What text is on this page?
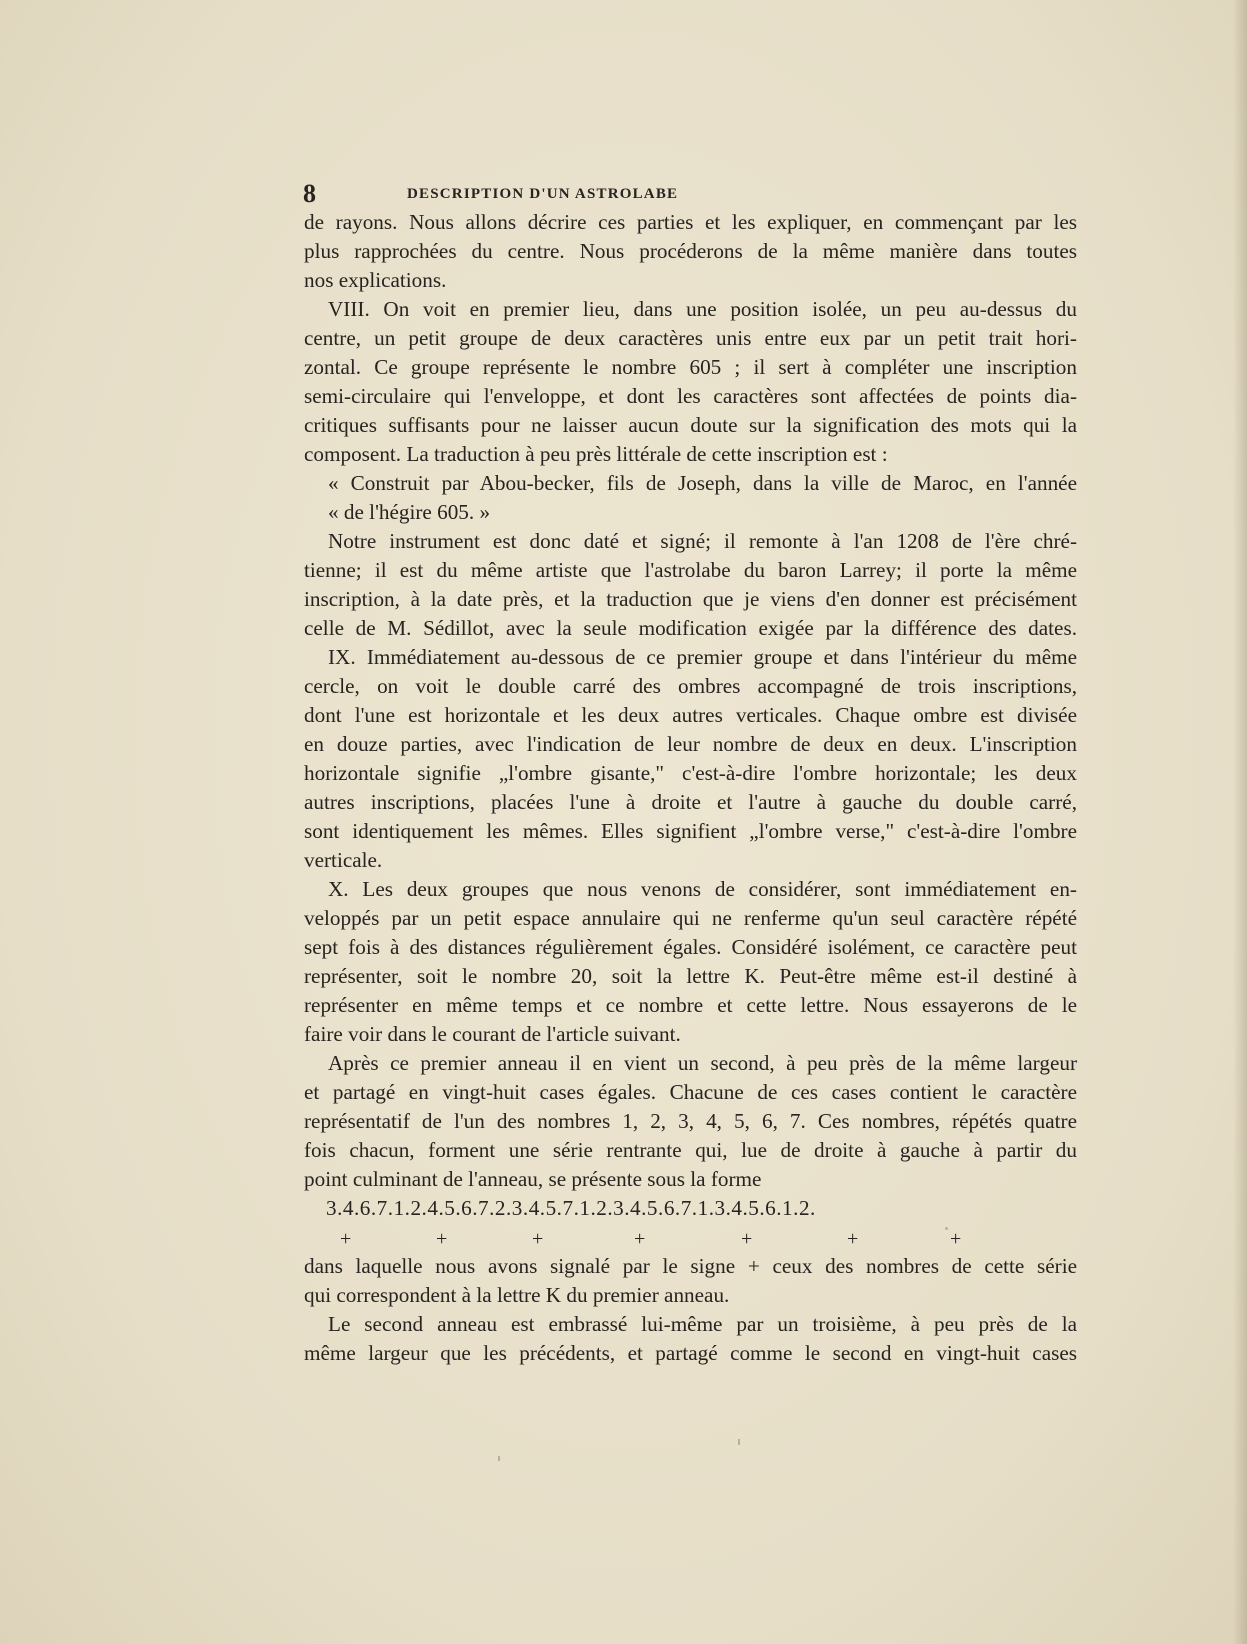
8	DESCRIPTION D'UN ASTROLABE
de rayons. Nous allons décrire ces parties et les expliquer, en commençant par les
plus rapprochées du centre. Nous procéderons de la même manière dans toutes
nos explications.
VIII. On voit en premier lieu, dans une position isolée, un peu au-dessus du
centre, un petit groupe de deux caractères unis entre eux par un petit trait hori-
zontal. Ce groupe représente le nombre 605 ; il sert à compléter une inscription
semi-circulaire qui l'enveloppe, et dont les caractères sont affectées de points dia-
critiques suffisants pour ne laisser aucun doute sur la signification des mots qui la
composent. La traduction à peu près littérale de cette inscription est :
« Construit par Abou-becker, fils de Joseph, dans la ville de Maroc, en l'année
« de l'hégire 605. »
Notre instrument est donc daté et signé; il remonte à l'an 1208 de l'ère chré-
tienne; il est du même artiste que l'astrolabe du baron Larrey; il porte la même
inscription, à la date près, et la traduction que je viens d'en donner est précisément
celle de M. Sédillot, avec la seule modification exigée par la différence des dates.
IX. Immédiatement au-dessous de ce premier groupe et dans l'intérieur du même
cercle, on voit le double carré des ombres accompagné de trois inscriptions,
dont l'une est horizontale et les deux autres verticales. Chaque ombre est divisée
en douze parties, avec l'indication de leur nombre de deux en deux. L'inscription
horizontale signifie „l'ombre gisante," c'est-à-dire l'ombre horizontale; les deux
autres inscriptions, placées l'une à droite et l'autre à gauche du double carré,
sont identiquement les mêmes. Elles signifient „l'ombre verse," c'est-à-dire l'ombre
verticale.
X. Les deux groupes que nous venons de considérer, sont immédiatement en-
veloppés par un petit espace annulaire qui ne renferme qu'un seul caractère répété
sept fois à des distances régulièrement égales. Considéré isolément, ce caractère peut
représenter, soit le nombre 20, soit la lettre K. Peut-être même est-il destiné à
représenter en même temps et ce nombre et cette lettre. Nous essayerons de le
faire voir dans le courant de l'article suivant.
Après ce premier anneau il en vient un second, à peu près de la même largeur
et partagé en vingt-huit cases égales. Chacune de ces cases contient le caractère
représentatif de l'un des nombres 1, 2, 3, 4, 5, 6, 7. Ces nombres, répétés quatre
fois chacun, forment une série rentrante qui, lue de droite à gauche à partir du
point culminant de l'anneau, se présente sous la forme
3.4.6.7.1.2.4.5.6.7.2.3.4.5.7.1.2.3.4.5.6.7.1.3.4.5.6.1.2.
+	+	+	+	+	+	+
dans laquelle nous avons signalé par le signe + ceux des nombres de cette série
qui correspondent à la lettre K du premier anneau.
Le second anneau est embrassé lui-même par un troisième, à peu près de la
même largeur que les précédents, et partagé comme le second en vingt-huit cases
